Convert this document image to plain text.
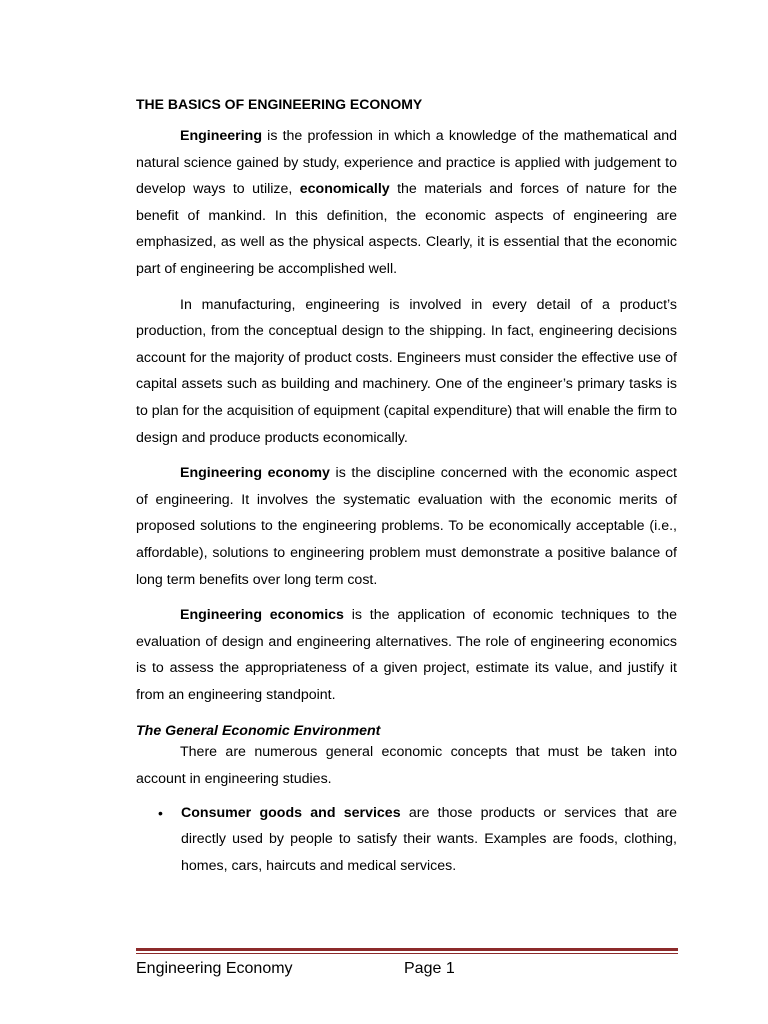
THE BASICS OF ENGINEERING ECONOMY

Engineering is the profession in which a knowledge of the mathematical and natural science gained by study, experience and practice is applied with judgement to develop ways to utilize, economically the materials and forces of nature for the benefit of mankind. In this definition, the economic aspects of engineering are emphasized, as well as the physical aspects. Clearly, it is essential that the economic part of engineering be accomplished well.

In manufacturing, engineering is involved in every detail of a product’s production, from the conceptual design to the shipping. In fact, engineering decisions account for the majority of product costs. Engineers must consider the effective use of capital assets such as building and machinery. One of the engineer’s primary tasks is to plan for the acquisition of equipment (capital expenditure) that will enable the firm to design and produce products economically.

Engineering economy is the discipline concerned with the economic aspect of engineering. It involves the systematic evaluation with the economic merits of proposed solutions to the engineering problems. To be economically acceptable (i.e., affordable), solutions to engineering problem must demonstrate a positive balance of long term benefits over long term cost.

Engineering economics is the application of economic techniques to the evaluation of design and engineering alternatives. The role of engineering economics is to assess the appropriateness of a given project, estimate its value, and justify it from an engineering standpoint.

The General Economic Environment

There are numerous general economic concepts that must be taken into account in engineering studies.

• Consumer goods and services are those products or services that are directly used by people to satisfy their wants. Examples are foods, clothing, homes, cars, haircuts and medical services.
Engineering Economy	Page 1
